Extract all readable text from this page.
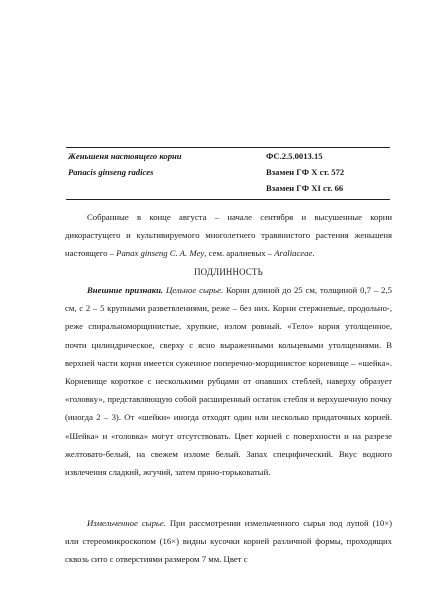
Женьшеня настоящего корни
Panacis ginseng radices
ФС.2.5.0013.15
Взамен ГФ X ст. 572
Взамен ГФ XI ст. 66

Собранные в конце августа – начале сентября и высушенные корни дикорастущего и культивируемого многолетнего травянистого растения женьшеня настоящего – Panax ginseng C. A. Mey, сем. аралиевых – Araliaceae.

ПОДЛИННОСТЬ

Внешние признаки. Цельное сырье. Корни длиной до 25 см, толщиной 0,7 – 2,5 см, с 2 – 5 крупными разветвлениями, реже – без них. Корни стержневые, продольно-, реже спиральноморщинистые, хрупкие, излом ровный. «Тело» корня утолщенное, почти цилиндрическое, сверху с ясно выраженными кольцевыми утолщениями. В верхней части корня имеется суженное поперечно-морщинистое корневище – «шейка». Корневище короткое с несколькими рубцами от опавших стеблей, наверху образует «головку», представляющую собой расширенный остаток стебля и верхушечную почку (иногда 2 – 3). От «шейки» иногда отходят один или несколько придаточных корней. «Шейка» и «головка» могут отсутствовать. Цвет корней с поверхности и на разрезе желтовато-белый, на свежем изломе белый. Запах специфический. Вкус водного извлечения сладкий, жгучий, затем пряно-горьковатый.

Измельченное сырье. При рассмотрении измельченного сырья под лупой (10×) или стереомикроскопом (16×) видны кусочки корней различной формы, проходящих сквозь сито с отверстиями размером 7 мм. Цвет с
